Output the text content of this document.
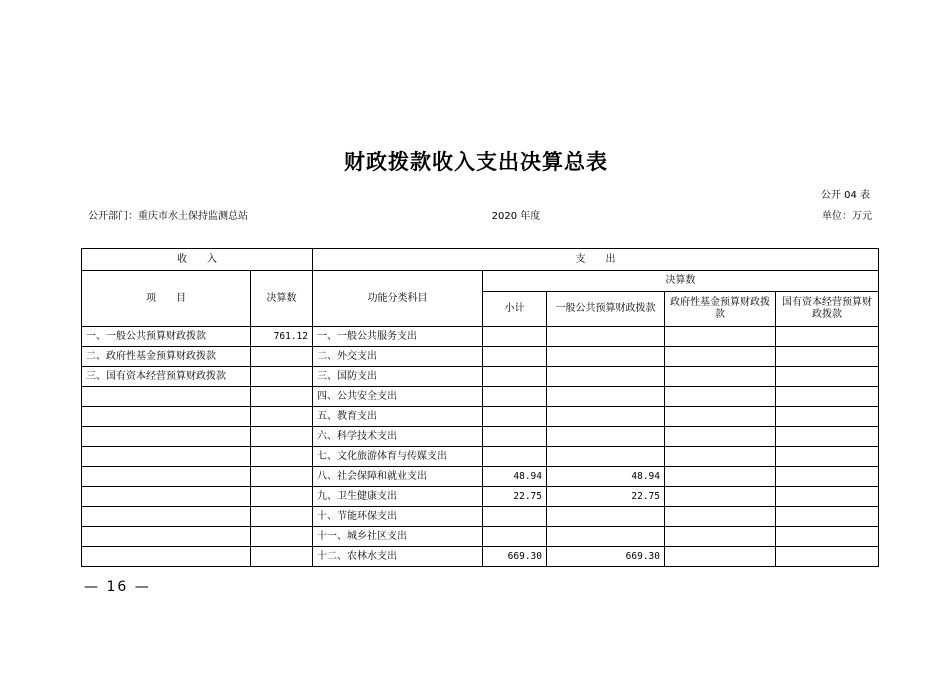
财政拨款收入支出决算总表
公开 04 表
公开部门：重庆市水土保持监测总站	2020 年度	单位：万元
收　　入		支　　出				
项　　目	决算数	功能分类科目	决算数			
			小计	一般公共预算财政拨款	政府性基金预算财政拨款	国有资本经营预算财政拨款
一、一般公共预算财政拨款	761.12	一、一般公共服务支出				
二、政府性基金预算财政拨款		二、外交支出				
三、国有资本经营预算财政拨款		三、国防支出				
		四、公共安全支出				
		五、教育支出				
		六、科学技术支出				
		七、文化旅游体育与传媒支出				
		八、社会保障和就业支出	48.94	48.94		
		九、卫生健康支出	22.75	22.75		
		十、节能环保支出				
		十一、城乡社区支出				
		十二、农林水支出	669.30	669.30		
— 16 —
